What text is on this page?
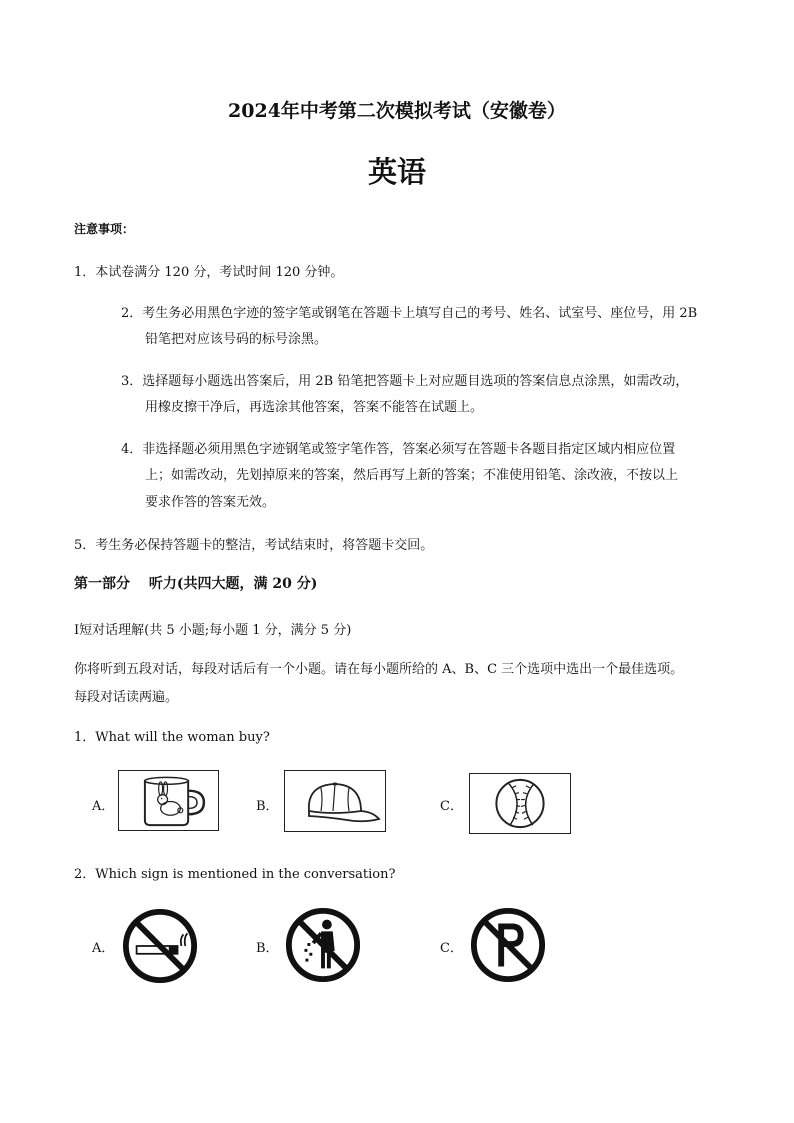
2024年中考第二次模拟考试（安徽卷）
英语
注意事项：
1．本试卷满分 120 分，考试时间 120 分钟。
2．考生务必用黑色字迹的签字笔或钢笔在答题卡上填写自己的考号、姓名、试室号、座位号，用 2B
铅笔把对应该号码的标号涂黑。
3．选择题每小题选出答案后，用 2B 铅笔把答题卡上对应题目选项的答案信息点涂黑，如需改动，
用橡皮擦干净后，再选涂其他答案，答案不能答在试题上。
4．非选择题必须用黑色字迹钢笔或签字笔作答，答案必须写在答题卡各题目指定区域内相应位置
上；如需改动，先划掉原来的答案，然后再写上新的答案；不准使用铅笔、涂改液，不按以上
要求作答的答案无效。
5．考生务必保持答题卡的整洁，考试结束时，将答题卡交回。
第一部分　 听力(共四大题，满 20 分)
Ⅰ短对话理解(共 5 小题;每小题 1 分，满分 5 分)
你将听到五段对话，每段对话后有一个小题。请在每小题所给的 A、B、C 三个选项中选出一个最佳选项。
每段对话读两遍。
1．What will the woman buy?
A．	B．	C．
2．Which sign is mentioned in the conversation?
A．	B．	C．
